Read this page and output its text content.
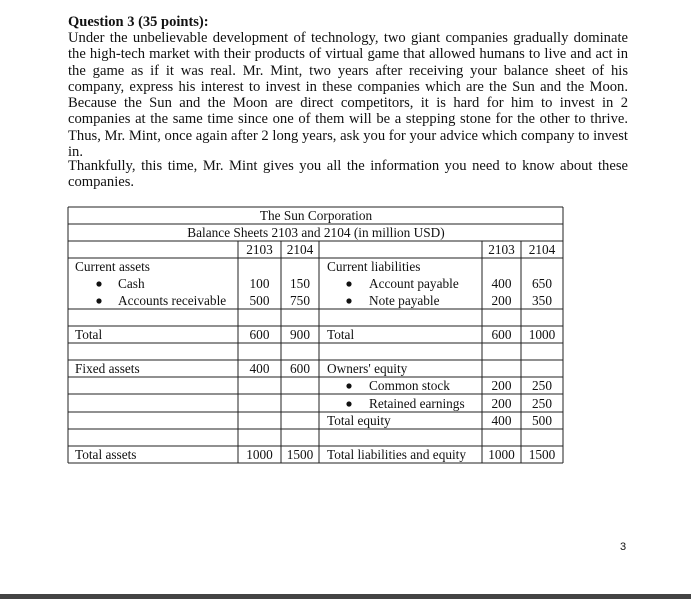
Question 3 (35 points):
Under the unbelievable development of technology, two giant companies gradually dominate the high-tech market with their products of virtual game that allowed humans to live and act in the game as if it was real. Mr. Mint, two years after receiving your balance sheet of his company, express his interest to invest in these companies which are the Sun and the Moon. Because the Sun and the Moon are direct competitors, it is hard for him to invest in 2 companies at the same time since one of them will be a stepping stone for the other to thrive. Thus, Mr. Mint, once again after 2 long years, ask you for your advice which company to invest in.
Thankfully, this time, Mr. Mint gives you all the information you need to know about these companies.
The Sun Corporation
Balance Sheets 2103 and 2104 (in million USD)
2103 2104	2103 2104
Current assets	Current liabilities
Cash	100 150	Account payable 400 650
Accounts receivable 500 750	Note payable	200 350
Total	600 900 Total	600 1000
Fixed assets	400 600 Owners' equity
Common stock	200 250
Retained earnings 200 250
Total equity	400 500
Total assets	1000 1500 Total liabilities and equity 1000 1500
3
